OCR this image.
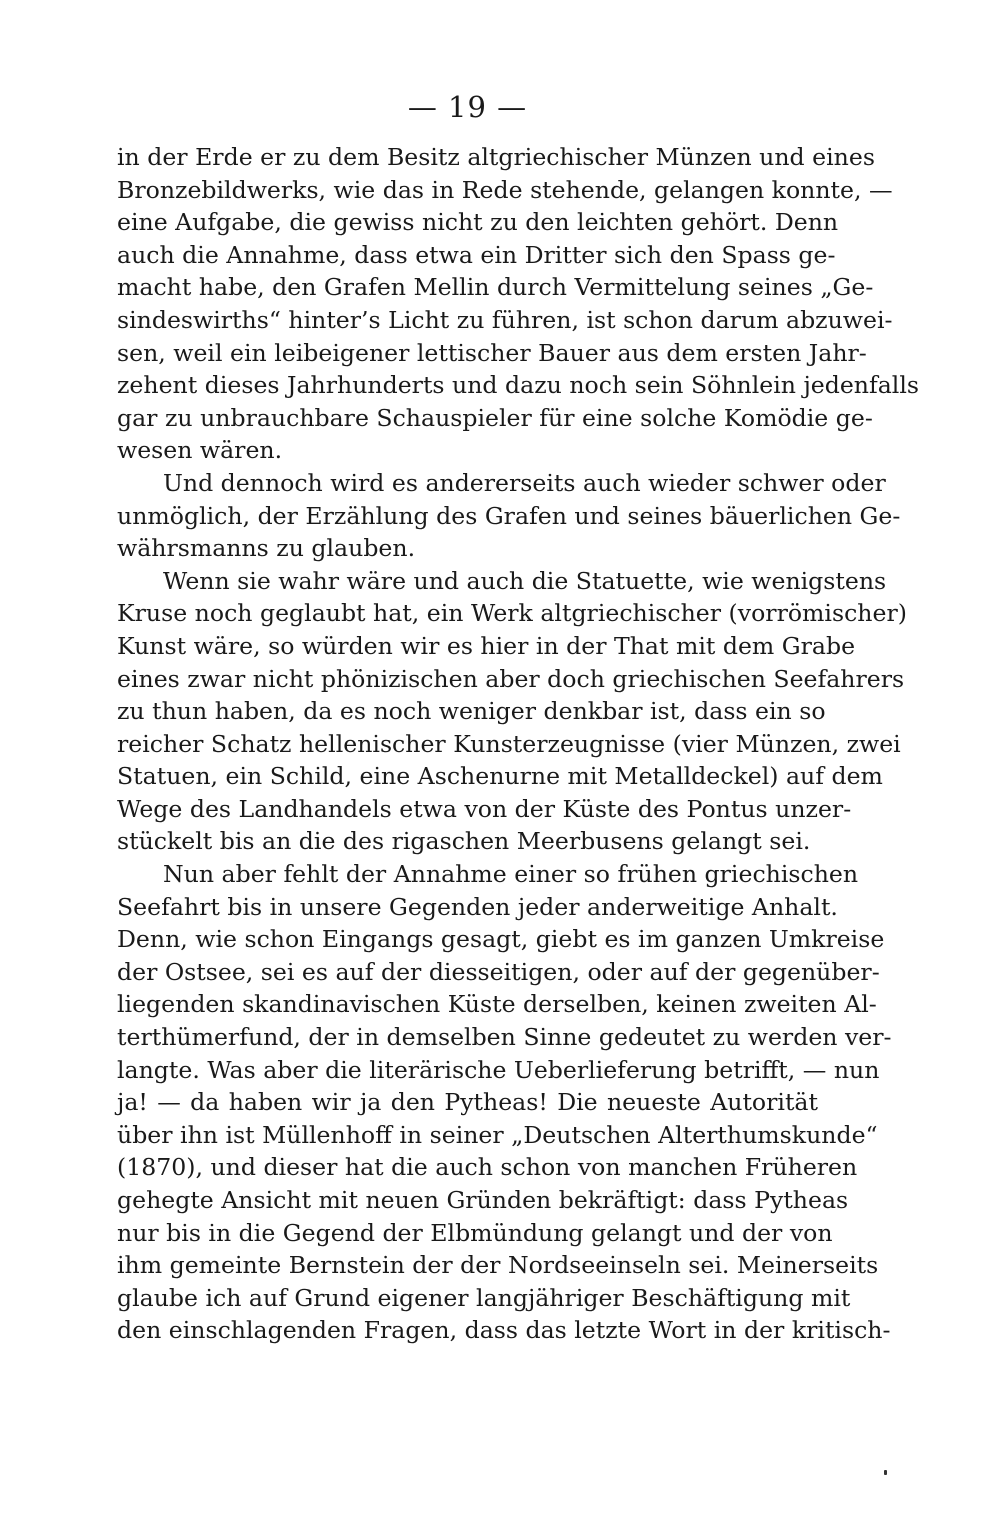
— 19 —
in der Erde er zu dem Besitz altgriechischer Münzen und eines
Bronzebildwerks, wie das in Rede stehende, gelangen konnte, —
eine Aufgabe, die gewiss nicht zu den leichten gehört. Denn
auch die Annahme, dass etwa ein Dritter sich den Spass ge-
macht habe, den Grafen Mellin durch Vermittelung seines „Ge-
sindeswirths“ hinter’s Licht zu führen, ist schon darum abzuwei-
sen, weil ein leibeigener lettischer Bauer aus dem ersten Jahr-
zehent dieses Jahrhunderts und dazu noch sein Söhnlein jedenfalls
gar zu unbrauchbare Schauspieler für eine solche Komödie ge-
wesen wären.
Und dennoch wird es andererseits auch wieder schwer oder
unmöglich, der Erzählung des Grafen und seines bäuerlichen Ge-
währsmanns zu glauben.
Wenn sie wahr wäre und auch die Statuette, wie wenigstens
Kruse noch geglaubt hat, ein Werk altgriechischer (vorrömischer)
Kunst wäre, so würden wir es hier in der That mit dem Grabe
eines zwar nicht phönizischen aber doch griechischen Seefahrers
zu thun haben, da es noch weniger denkbar ist, dass ein so
reicher Schatz hellenischer Kunsterzeugnisse (vier Münzen, zwei
Statuen, ein Schild, eine Aschenurne mit Metalldeckel) auf dem
Wege des Landhandels etwa von der Küste des Pontus unzer-
stückelt bis an die des rigaschen Meerbusens gelangt sei.
Nun aber fehlt der Annahme einer so frühen griechischen
Seefahrt bis in unsere Gegenden jeder anderweitige Anhalt.
Denn, wie schon Eingangs gesagt, giebt es im ganzen Umkreise
der Ostsee, sei es auf der diesseitigen, oder auf der gegenüber-
liegenden skandinavischen Küste derselben, keinen zweiten Al-
terthümerfund, der in demselben Sinne gedeutet zu werden ver-
langte. Was aber die literärische Ueberlieferung betrifft, — nun
ja! — da haben wir ja den Pytheas! Die neueste Autorität
über ihn ist Müllenhoff in seiner „Deutschen Alterthumskunde“
(1870), und dieser hat die auch schon von manchen Früheren
gehegte Ansicht mit neuen Gründen bekräftigt: dass Pytheas
nur bis in die Gegend der Elbmündung gelangt und der von
ihm gemeinte Bernstein der der Nordseeinseln sei. Meinerseits
glaube ich auf Grund eigener langjähriger Beschäftigung mit
den einschlagenden Fragen, dass das letzte Wort in der kritisch-
